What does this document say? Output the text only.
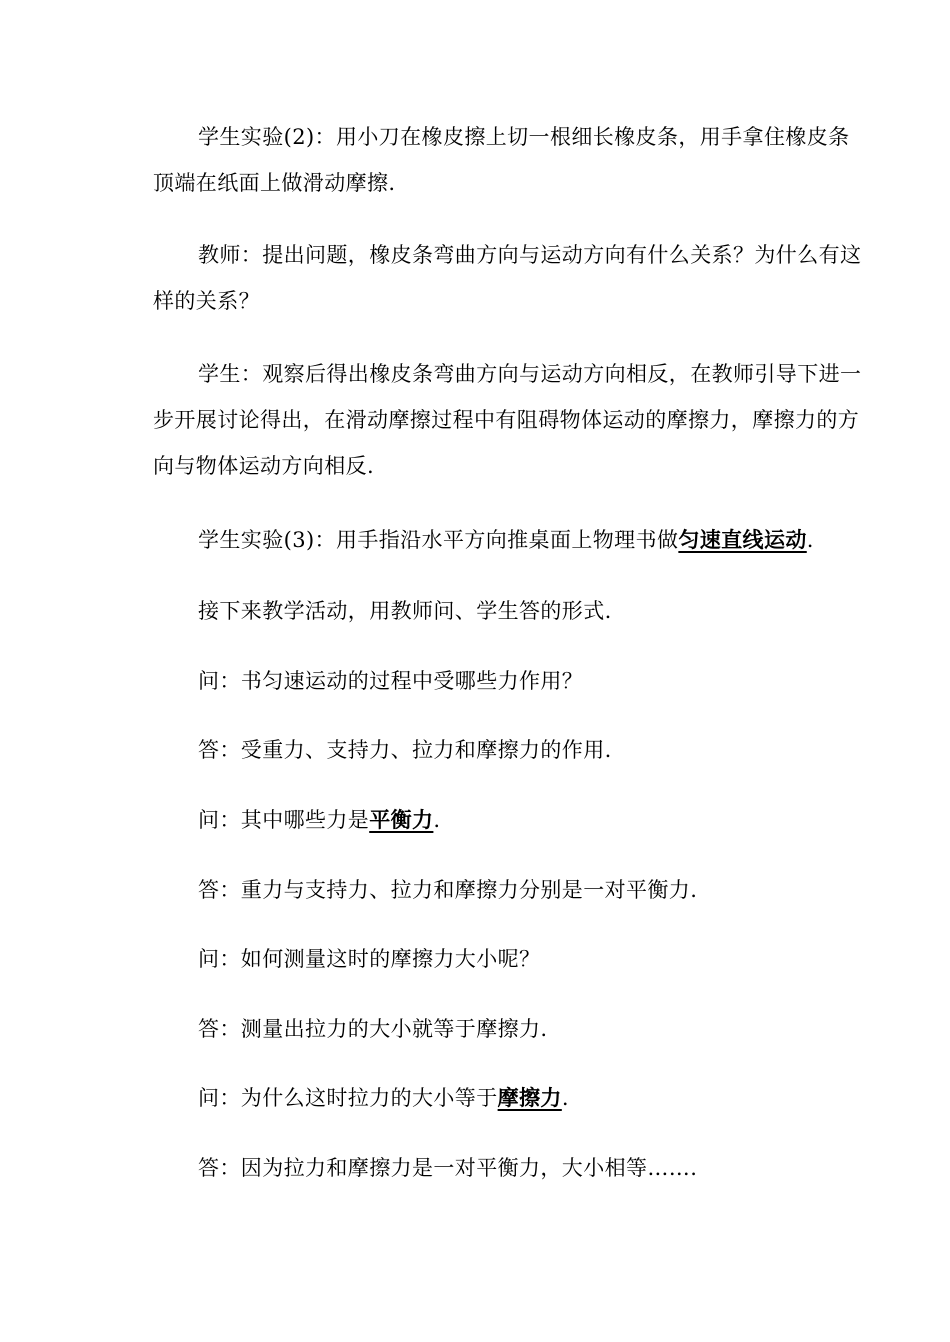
学生实验(2)：用小刀在橡皮擦上切一根细长橡皮条，用手拿住橡皮条顶端在纸面上做滑动摩擦.

教师：提出问题，橡皮条弯曲方向与运动方向有什么关系？为什么有这样的关系？

学生：观察后得出橡皮条弯曲方向与运动方向相反，在教师引导下进一步开展讨论得出，在滑动摩擦过程中有阻碍物体运动的摩擦力，摩擦力的方向与物体运动方向相反.

学生实验(3)：用手指沿水平方向推桌面上物理书做匀速直线运动.

接下来教学活动，用教师问、学生答的形式.

问：书匀速运动的过程中受哪些力作用？

答：受重力、支持力、拉力和摩擦力的作用.

问：其中哪些力是平衡力.

答：重力与支持力、拉力和摩擦力分别是一对平衡力.

问：如何测量这时的摩擦力大小呢？

答：测量出拉力的大小就等于摩擦力.

问：为什么这时拉力的大小等于摩擦力.

答：因为拉力和摩擦力是一对平衡力，大小相等…….
